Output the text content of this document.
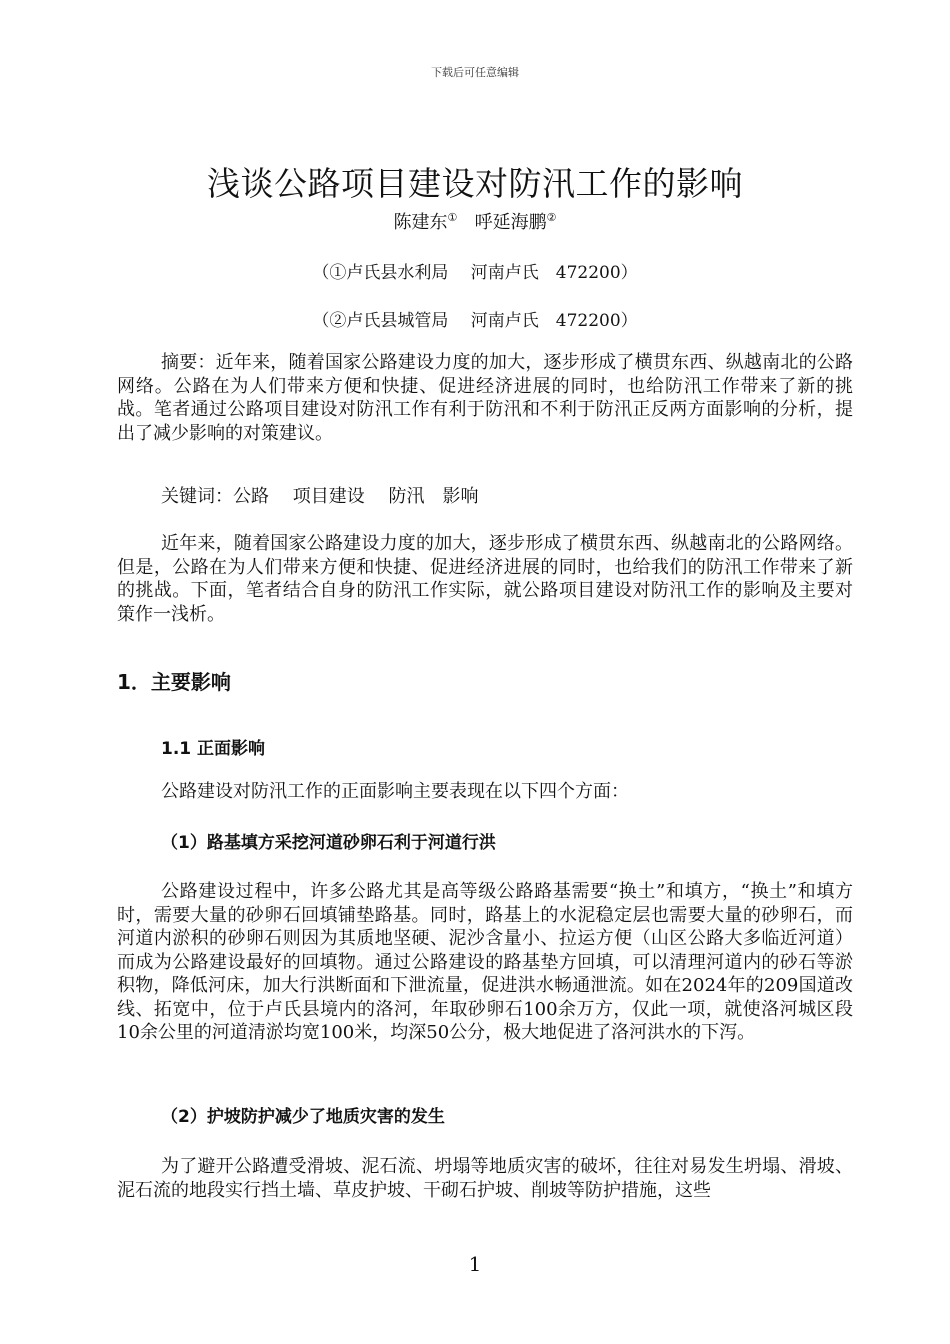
下载后可任意编辑
浅谈公路项目建设对防汛工作的影响
陈建东① 呼延海鹏②
（①卢氏县水利局　 河南卢氏　472200）
（②卢氏县城管局　 河南卢氏　472200）
摘要：近年来，随着国家公路建设力度的加大，逐步形成了横贯东西、纵越南北的公路网络。公路在为人们带来方便和快捷、促进经济进展的同时，也给防汛工作带来了新的挑战。笔者通过公路项目建设对防汛工作有利于防汛和不利于防汛正反两方面影响的分析，提出了减少影响的对策建议。
关键词：公路　 项目建设　 防汛　影响
近年来，随着国家公路建设力度的加大，逐步形成了横贯东西、纵越南北的公路网络。但是，公路在为人们带来方便和快捷、促进经济进展的同时，也给我们的防汛工作带来了新的挑战。下面，笔者结合自身的防汛工作实际，就公路项目建设对防汛工作的影响及主要对策作一浅析。
1．主要影响
1.1 正面影响
公路建设对防汛工作的正面影响主要表现在以下四个方面：
（1）路基填方采挖河道砂卵石利于河道行洪
公路建设过程中，许多公路尤其是高等级公路路基需要“换土”和填方，“换土”和填方时，需要大量的砂卵石回填铺垫路基。同时，路基上的水泥稳定层也需要大量的砂卵石，而河道内淤积的砂卵石则因为其质地坚硬、泥沙含量小、拉运方便（山区公路大多临近河道）而成为公路建设最好的回填物。通过公路建设的路基垫方回填，可以清理河道内的砂石等淤积物，降低河床，加大行洪断面和下泄流量，促进洪水畅通泄流。如在2024年的209国道改线、拓宽中，位于卢氏县境内的洛河，年取砂卵石100余万方，仅此一项，就使洛河城区段10余公里的河道清淤均宽100米，均深50公分，极大地促进了洛河洪水的下泻。
（2）护坡防护减少了地质灾害的发生
为了避开公路遭受滑坡、泥石流、坍塌等地质灾害的破坏，往往对易发生坍塌、滑坡、泥石流的地段实行挡土墙、草皮护坡、干砌石护坡、削坡等防护措施，这些
1
